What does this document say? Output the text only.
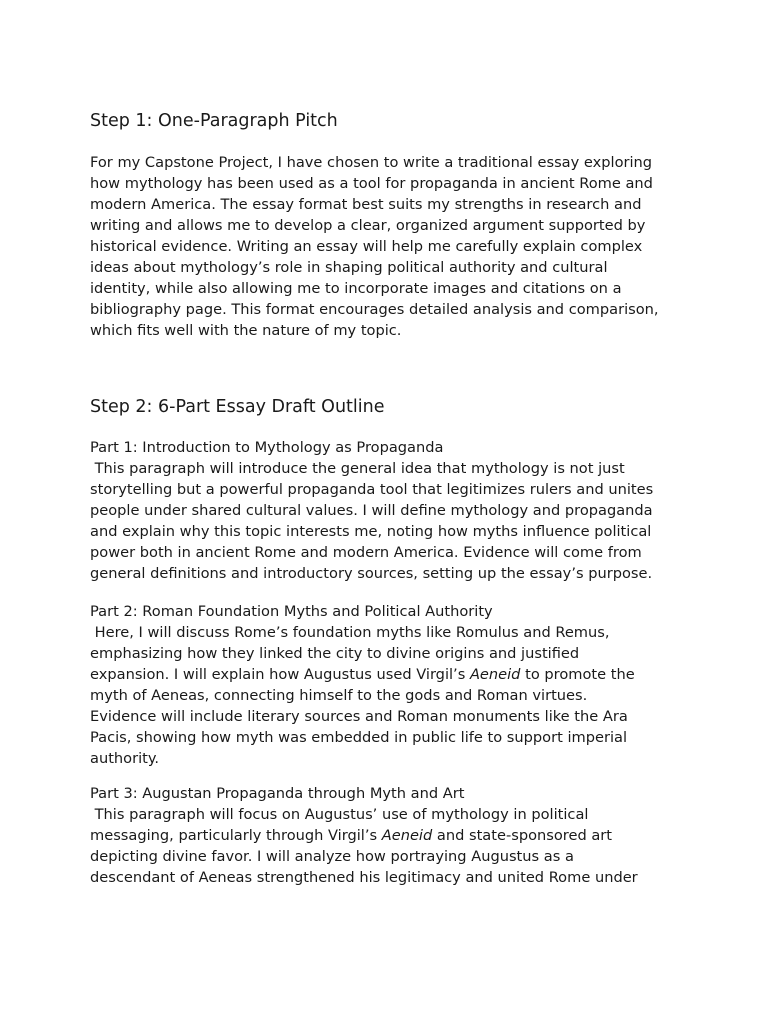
Step 1: One-Paragraph Pitch

For my Capstone Project, I have chosen to write a traditional essay exploring
how mythology has been used as a tool for propaganda in ancient Rome and
modern America. The essay format best suits my strengths in research and
writing and allows me to develop a clear, organized argument supported by
historical evidence. Writing an essay will help me carefully explain complex
ideas about mythology’s role in shaping political authority and cultural
identity, while also allowing me to incorporate images and citations on a
bibliography page. This format encourages detailed analysis and comparison,
which fits well with the nature of my topic.

Step 2: 6-Part Essay Draft Outline

Part 1: Introduction to Mythology as Propaganda
This paragraph will introduce the general idea that mythology is not just
storytelling but a powerful propaganda tool that legitimizes rulers and unites
people under shared cultural values. I will define mythology and propaganda
and explain why this topic interests me, noting how myths influence political
power both in ancient Rome and modern America. Evidence will come from
general definitions and introductory sources, setting up the essay’s purpose.

Part 2: Roman Foundation Myths and Political Authority
Here, I will discuss Rome’s foundation myths like Romulus and Remus,
emphasizing how they linked the city to divine origins and justified
expansion. I will explain how Augustus used Virgil’s Aeneid to promote the
myth of Aeneas, connecting himself to the gods and Roman virtues.
Evidence will include literary sources and Roman monuments like the Ara
Pacis, showing how myth was embedded in public life to support imperial
authority.

Part 3: Augustan Propaganda through Myth and Art
This paragraph will focus on Augustus’ use of mythology in political
messaging, particularly through Virgil’s Aeneid and state-sponsored art
depicting divine favor. I will analyze how portraying Augustus as a
descendant of Aeneas strengthened his legitimacy and united Rome under
